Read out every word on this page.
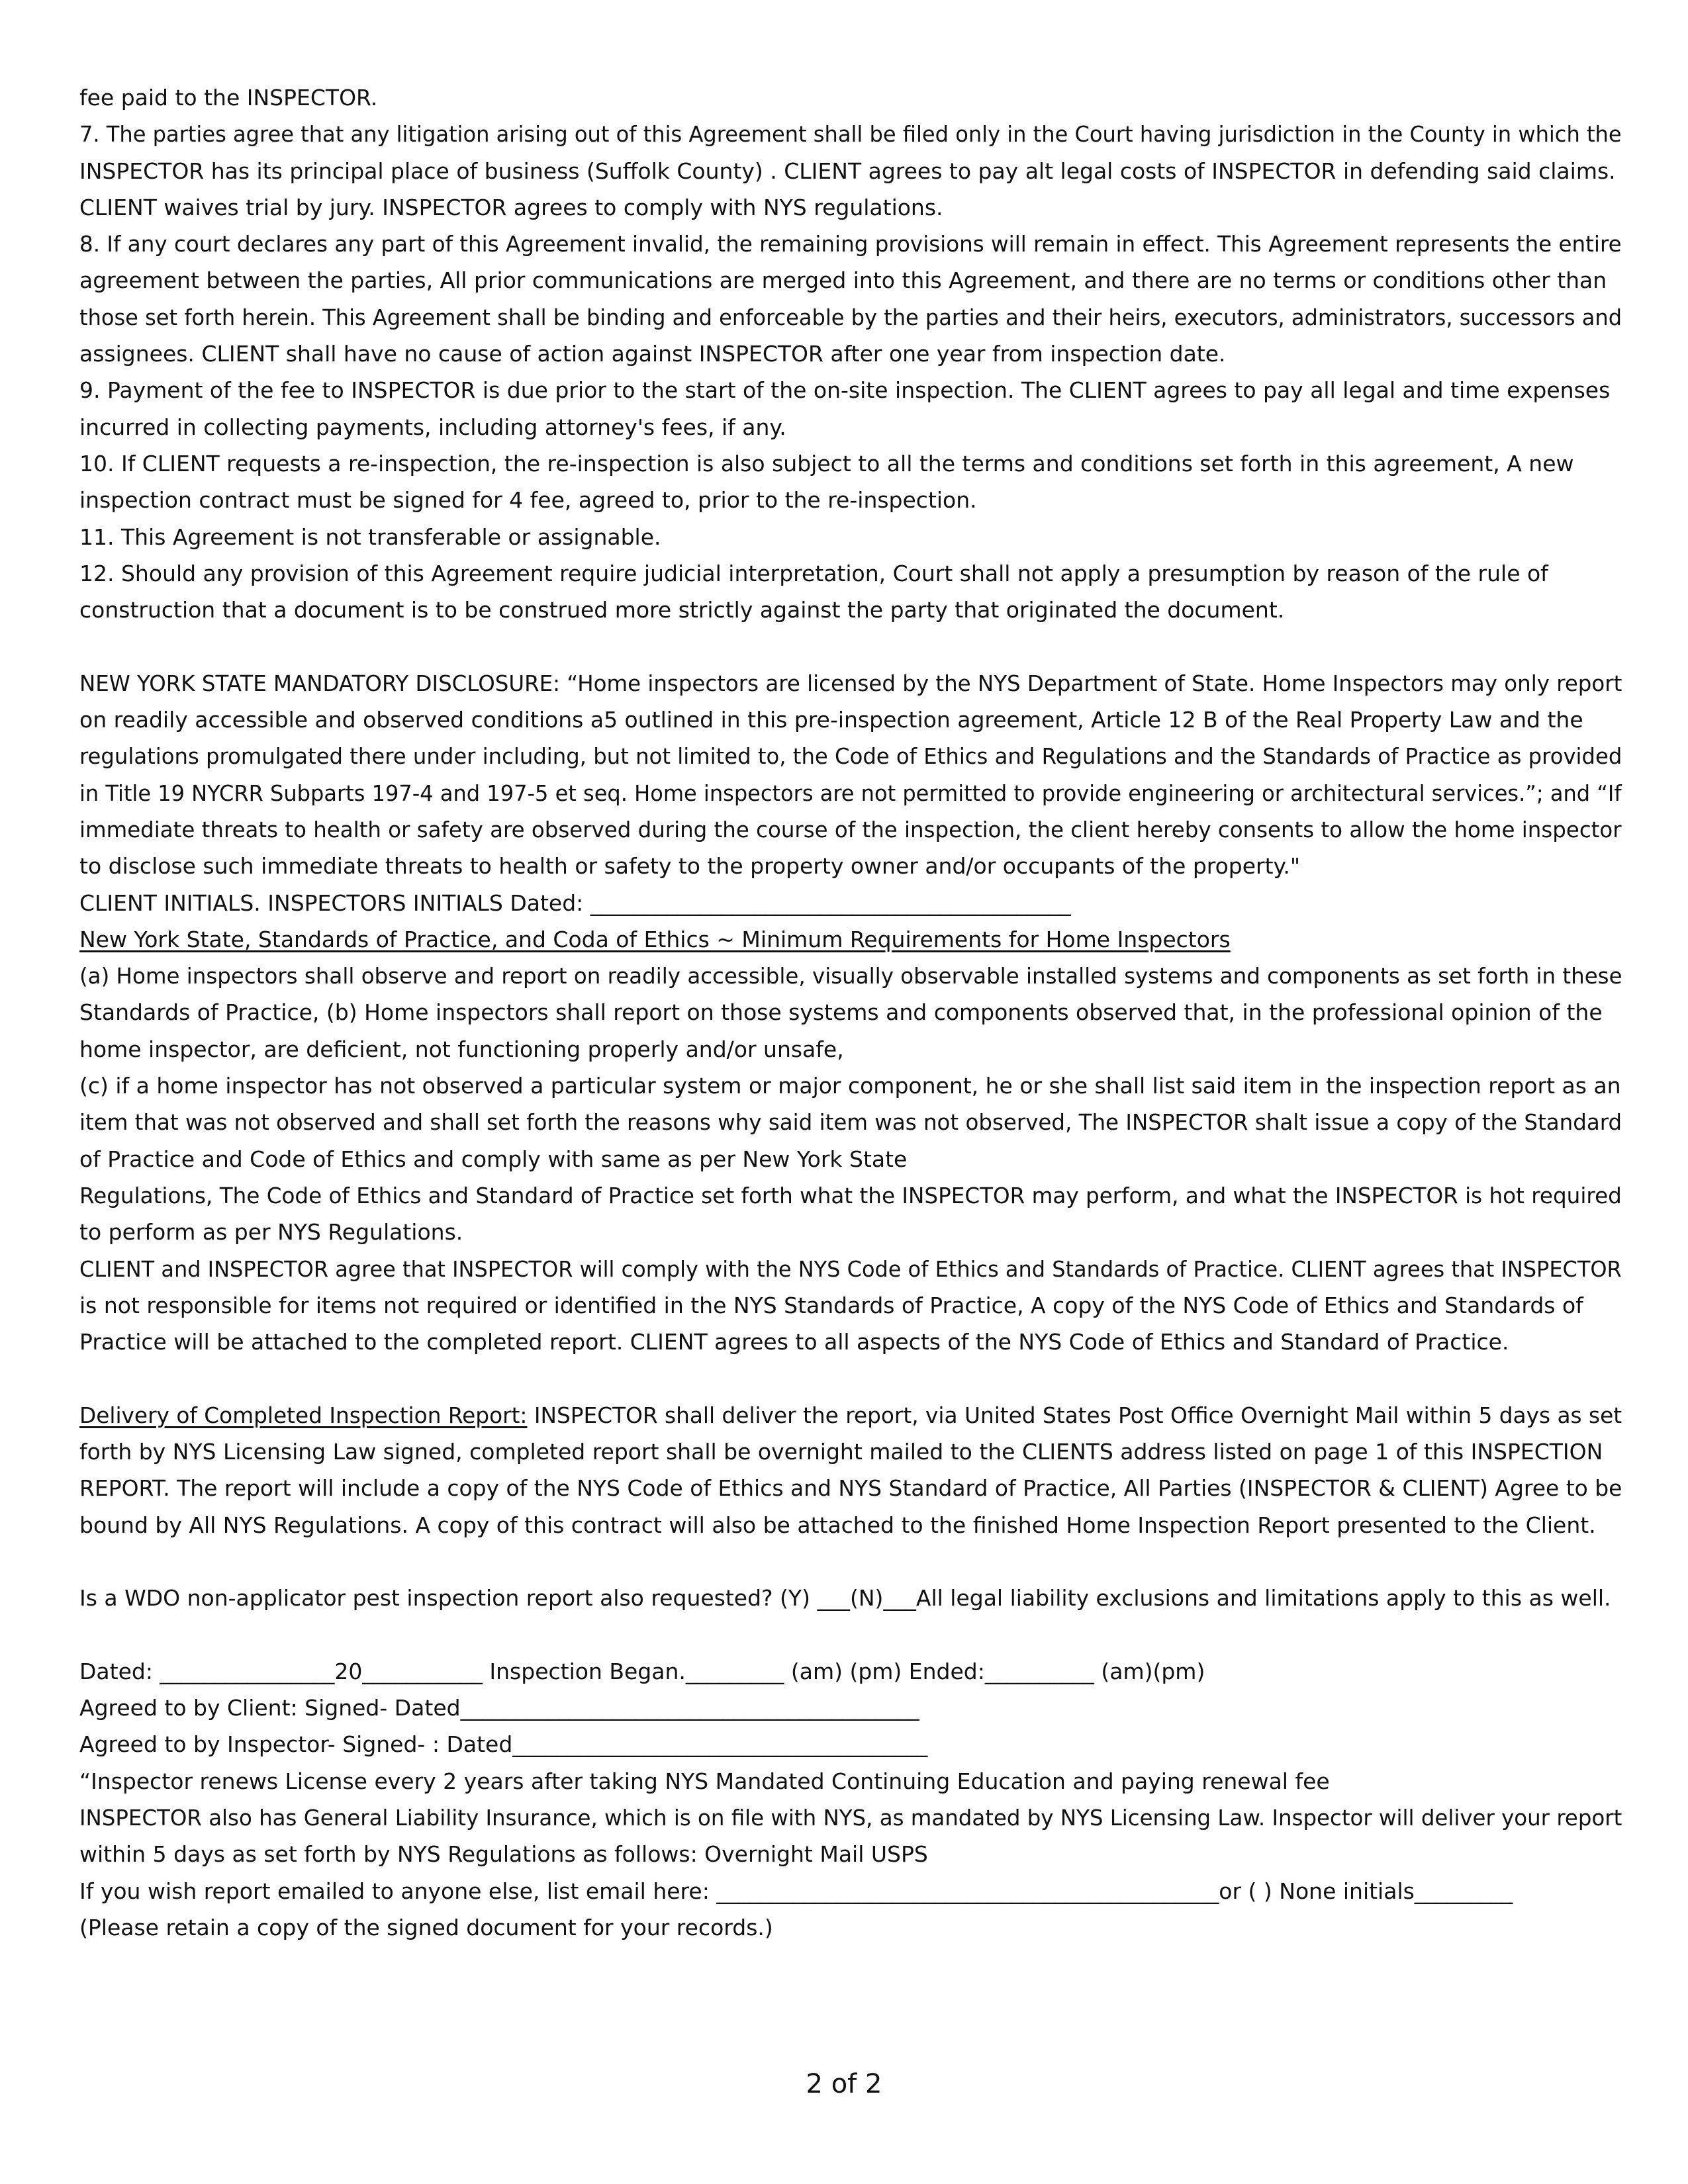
fee paid to the INSPECTOR.
7. The parties agree that any litigation arising out of this Agreement shall be filed only in the Court having jurisdiction in the County in which the
INSPECTOR has its principal place of business (Suffolk County) . CLIENT agrees to pay alt legal costs of INSPECTOR in defending said claims.
CLIENT waives trial by jury. INSPECTOR agrees to comply with NYS regulations.
8. If any court declares any part of this Agreement invalid, the remaining provisions will remain in effect. This Agreement represents the entire
agreement between the parties, All prior communications are merged into this Agreement, and there are no terms or conditions other than
those set forth herein. This Agreement shall be binding and enforceable by the parties and their heirs, executors, administrators, successors and
assignees. CLIENT shall have no cause of action against INSPECTOR after one year from inspection date.
9. Payment of the fee to INSPECTOR is due prior to the start of the on-site inspection. The CLIENT agrees to pay all legal and time expenses
incurred in collecting payments, including attorney's fees, if any.
10. If CLIENT requests a re-inspection, the re-inspection is also subject to all the terms and conditions set forth in this agreement, A new
inspection contract must be signed for 4 fee, agreed to, prior to the re-inspection.
11. This Agreement is not transferable or assignable.
12. Should any provision of this Agreement require judicial interpretation, Court shall not apply a presumption by reason of the rule of
construction that a document is to be construed more strictly against the party that originated the document.
NEW YORK STATE MANDATORY DISCLOSURE: “Home inspectors are licensed by the NYS Department of State. Home Inspectors may only report
on readily accessible and observed conditions a5 outlined in this pre-inspection agreement, Article 12 B of the Real Property Law and the
regulations promulgated there under including, but not limited to, the Code of Ethics and Regulations and the Standards of Practice as provided
in Title 19 NYCRR Subparts 197-4 and 197-5 et seq. Home inspectors are not permitted to provide engineering or architectural services.”; and “If
immediate threats to health or safety are observed during the course of the inspection, the client hereby consents to allow the home inspector
to disclose such immediate threats to health or safety to the property owner and/or occupants of the property."
CLIENT INITIALS. INSPECTORS INITIALS Dated: ____________________________________________
New York State, Standards of Practice, and Coda of Ethics ~ Minimum Requirements for Home Inspectors
(a) Home inspectors shall observe and report on readily accessible, visually observable installed systems and components as set forth in these
Standards of Practice, (b) Home inspectors shall report on those systems and components observed that, in the professional opinion of the
home inspector, are deficient, not functioning properly and/or unsafe,
(c) if a home inspector has not observed a particular system or major component, he or she shall list said item in the inspection report as an
item that was not observed and shall set forth the reasons why said item was not observed, The INSPECTOR shalt issue a copy of the Standard
of Practice and Code of Ethics and comply with same as per New York State
Regulations, The Code of Ethics and Standard of Practice set forth what the INSPECTOR may perform, and what the INSPECTOR is hot required
to perform as per NYS Regulations.
CLIENT and INSPECTOR agree that INSPECTOR will comply with the NYS Code of Ethics and Standards of Practice. CLIENT agrees that INSPECTOR
is not responsible for items not required or identified in the NYS Standards of Practice, A copy of the NYS Code of Ethics and Standards of
Practice will be attached to the completed report. CLIENT agrees to all aspects of the NYS Code of Ethics and Standard of Practice.
Delivery of Completed Inspection Report: INSPECTOR shall deliver the report, via United States Post Office Overnight Mail within 5 days as set
forth by NYS Licensing Law signed, completed report shall be overnight mailed to the CLIENTS address listed on page 1 of this INSPECTION
REPORT. The report will include a copy of the NYS Code of Ethics and NYS Standard of Practice, All Parties (INSPECTOR & CLIENT) Agree to be
bound by All NYS Regulations. A copy of this contract will also be attached to the finished Home Inspection Report presented to the Client.
Is a WDO non-applicator pest inspection report also requested? (Y) ___(N)___All legal liability exclusions and limitations apply to this as well.
Dated: ________________20___________ Inspection Began._________ (am) (pm) Ended:__________ (am)(pm)
Agreed to by Client: Signed- Dated__________________________________________
Agreed to by Inspector- Signed- : Dated______________________________________
“Inspector renews License every 2 years after taking NYS Mandated Continuing Education and paying renewal fee
INSPECTOR also has General Liability Insurance, which is on file with NYS, as mandated by NYS Licensing Law. Inspector will deliver your report
within 5 days as set forth by NYS Regulations as follows: Overnight Mail USPS
If you wish report emailed to anyone else, list email here: ______________________________________________or ( ) None initials_________
(Please retain a copy of the signed document for your records.)
2 of 2
